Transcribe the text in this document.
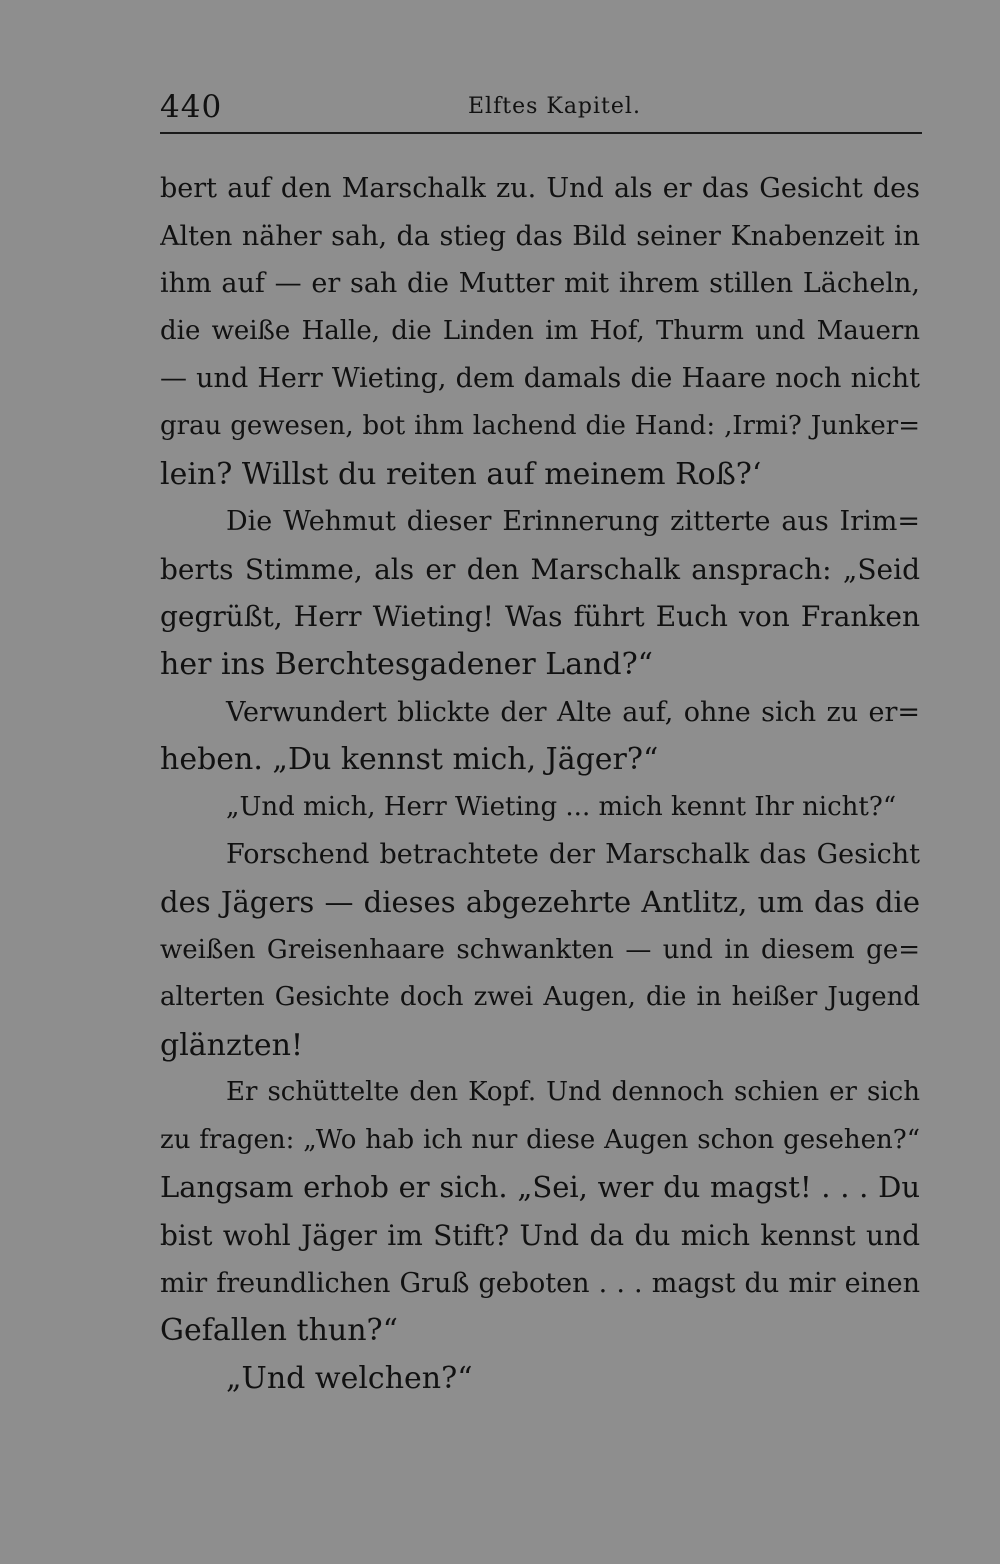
440	Elftes Kapitel.
bert auf den Marschalk zu. Und als er das Gesicht des
Alten näher sah, da stieg das Bild seiner Knabenzeit in
ihm auf — er sah die Mutter mit ihrem stillen Lächeln,
die weiße Halle, die Linden im Hof, Thurm und Mauern
— und Herr Wieting, dem damals die Haare noch nicht
grau gewesen, bot ihm lachend die Hand: ‚Irmi? Junker=
lein? Willst du reiten auf meinem Roß?‘
Die Wehmut dieser Erinnerung zitterte aus Irim=
berts Stimme, als er den Marschalk ansprach: „Seid
gegrüßt, Herr Wieting! Was führt Euch von Franken
her ins Berchtesgadener Land?“
Verwundert blickte der Alte auf, ohne sich zu er=
heben. „Du kennst mich, Jäger?“
„Und mich, Herr Wieting ... mich kennt Ihr nicht?“
Forschend betrachtete der Marschalk das Gesicht
des Jägers — dieses abgezehrte Antlitz, um das die
weißen Greisenhaare schwankten — und in diesem ge=
alterten Gesichte doch zwei Augen, die in heißer Jugend
glänzten!
Er schüttelte den Kopf. Und dennoch schien er sich
zu fragen: „Wo hab ich nur diese Augen schon gesehen?“
Langsam erhob er sich. „Sei, wer du magst! . . . Du
bist wohl Jäger im Stift? Und da du mich kennst und
mir freundlichen Gruß geboten . . . magst du mir einen
Gefallen thun?“
„Und welchen?“
